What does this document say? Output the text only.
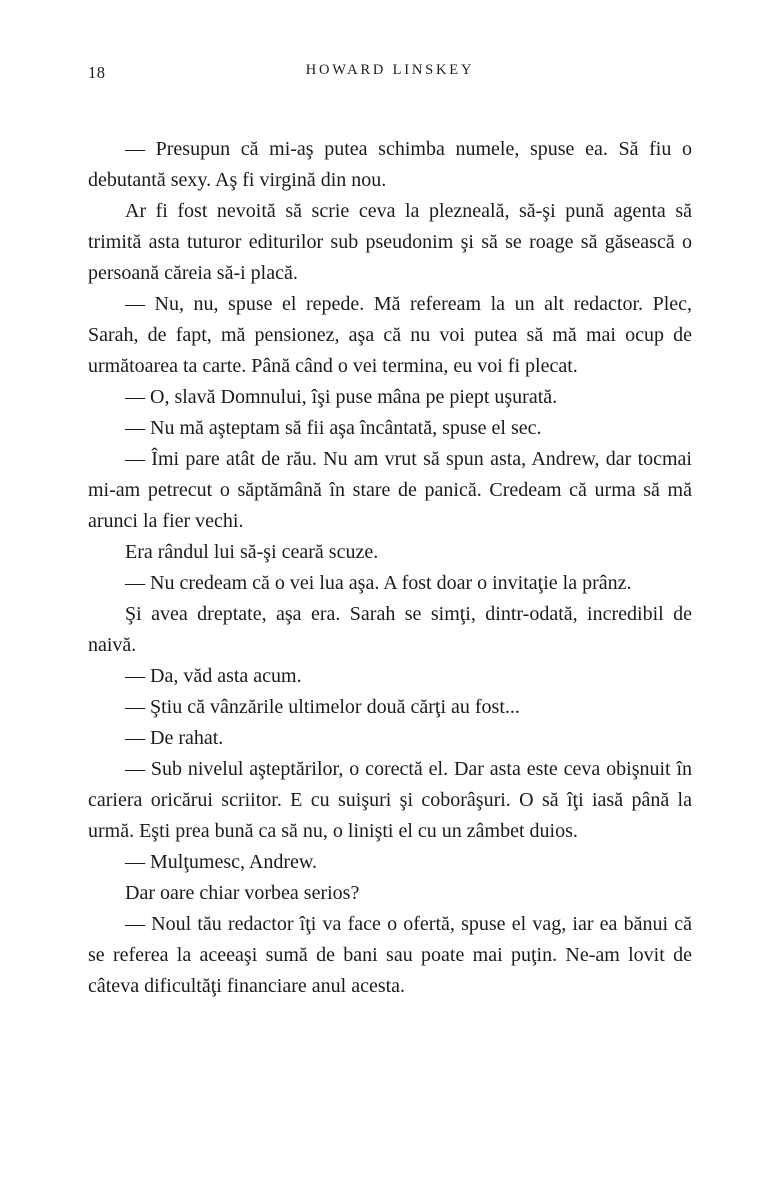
18	HOWARD LINSKEY

— Presupun că mi-aş putea schimba numele, spuse ea. Să fiu o debutantă sexy. Aş fi virgină din nou.

Ar fi fost nevoită să scrie ceva la plezneală, să-şi pună agenta să trimită asta tuturor editurilor sub pseudonim şi să se roage să găsească o persoană căreia să-i placă.

— Nu, nu, spuse el repede. Mă refeream la un alt redactor. Plec, Sarah, de fapt, mă pensionez, aşa că nu voi putea să mă mai ocup de următoarea ta carte. Până când o vei termina, eu voi fi plecat.

— O, slavă Domnului, îşi puse mâna pe piept uşurată.

— Nu mă aşteptam să fii aşa încântată, spuse el sec.

— Îmi pare atât de rău. Nu am vrut să spun asta, Andrew, dar tocmai mi-am petrecut o săptămână în stare de panică. Credeam că urma să mă arunci la fier vechi.

Era rândul lui să-şi ceară scuze.

— Nu credeam că o vei lua aşa. A fost doar o invitaţie la prânz.

Şi avea dreptate, aşa era. Sarah se simţi, dintr-odată, incredibil de naivă.

— Da, văd asta acum.

— Ştiu că vânzările ultimelor două cărţi au fost...

— De rahat.

— Sub nivelul aşteptărilor, o corectă el. Dar asta este ceva obişnuit în cariera oricărui scriitor. E cu suişuri şi coborâşuri. O să îţi iasă până la urmă. Eşti prea bună ca să nu, o linişti el cu un zâmbet duios.

— Mulţumesc, Andrew.

Dar oare chiar vorbea serios?

— Noul tău redactor îţi va face o ofertă, spuse el vag, iar ea bănui că se referea la aceeaşi sumă de bani sau poate mai puţin. Ne-am lovit de câteva dificultăţi financiare anul acesta.
